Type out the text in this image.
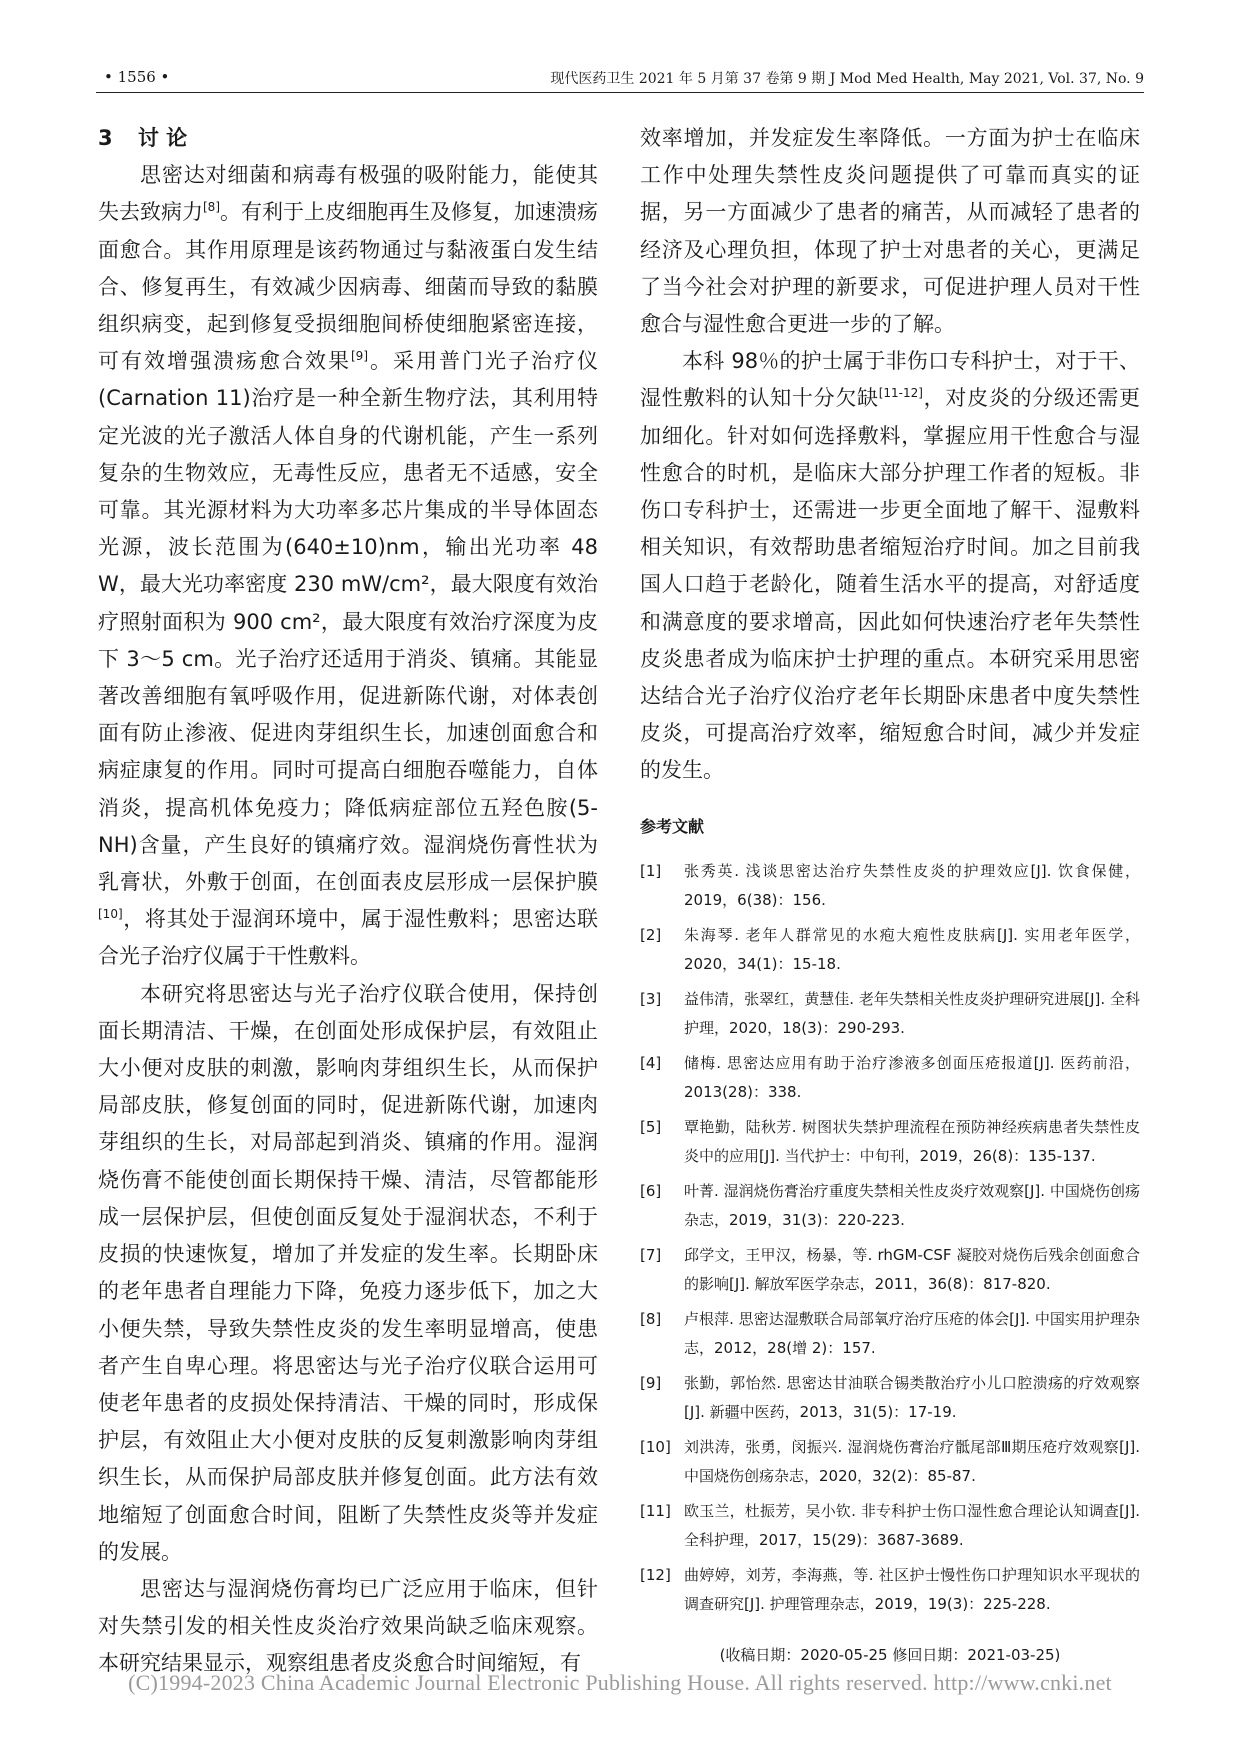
• 1556 •	现代医药卫生 2021 年 5 月第 37 卷第 9 期 J Mod Med Health, May 2021, Vol. 37, No. 9

3 讨 论

思密达对细菌和病毒有极强的吸附能力，能使其失去致病力[8]。有利于上皮细胞再生及修复，加速溃疡面愈合。其作用原理是该药物通过与黏液蛋白发生结合、修复再生，有效减少因病毒、细菌而导致的黏膜组织病变，起到修复受损细胞间桥使细胞紧密连接，可有效增强溃疡愈合效果[9]。采用普门光子治疗仪(Carnation 11)治疗是一种全新生物疗法，其利用特定光波的光子激活人体自身的代谢机能，产生一系列复杂的生物效应，无毒性反应，患者无不适感，安全可靠。其光源材料为大功率多芯片集成的半导体固态光源，波长范围为(640±10)nm，输出光功率 48 W，最大光功率密度 230 mW/cm²，最大限度有效治疗照射面积为 900 cm²，最大限度有效治疗深度为皮下 3～5 cm。光子治疗还适用于消炎、镇痛。其能显著改善细胞有氧呼吸作用，促进新陈代谢，对体表创面有防止渗液、促进肉芽组织生长，加速创面愈合和病症康复的作用。同时可提高白细胞吞噬能力，自体消炎，提高机体免疫力；降低病症部位五羟色胺(5-NH)含量，产生良好的镇痛疗效。湿润烧伤膏性状为乳膏状，外敷于创面，在创面表皮层形成一层保护膜[10]，将其处于湿润环境中，属于湿性敷料；思密达联合光子治疗仪属于干性敷料。

本研究将思密达与光子治疗仪联合使用，保持创面长期清洁、干燥，在创面处形成保护层，有效阻止大小便对皮肤的刺激，影响肉芽组织生长，从而保护局部皮肤，修复创面的同时，促进新陈代谢，加速肉芽组织的生长，对局部起到消炎、镇痛的作用。湿润烧伤膏不能使创面长期保持干燥、清洁，尽管都能形成一层保护层，但使创面反复处于湿润状态，不利于皮损的快速恢复，增加了并发症的发生率。长期卧床的老年患者自理能力下降，免疫力逐步低下，加之大小便失禁，导致失禁性皮炎的发生率明显增高，使患者产生自卑心理。将思密达与光子治疗仪联合运用可使老年患者的皮损处保持清洁、干燥的同时，形成保护层，有效阻止大小便对皮肤的反复刺激影响肉芽组织生长，从而保护局部皮肤并修复创面。此方法有效地缩短了创面愈合时间，阻断了失禁性皮炎等并发症的发展。

思密达与湿润烧伤膏均已广泛应用于临床，但针对失禁引发的相关性皮炎治疗效果尚缺乏临床观察。本研究结果显示，观察组患者皮炎愈合时间缩短，有

效率增加，并发症发生率降低。一方面为护士在临床工作中处理失禁性皮炎问题提供了可靠而真实的证据，另一方面减少了患者的痛苦，从而减轻了患者的经济及心理负担，体现了护士对患者的关心，更满足了当今社会对护理的新要求，可促进护理人员对干性愈合与湿性愈合更进一步的了解。

本科 98％的护士属于非伤口专科护士，对于干、湿性敷料的认知十分欠缺[11-12]，对皮炎的分级还需更加细化。针对如何选择敷料，掌握应用干性愈合与湿性愈合的时机，是临床大部分护理工作者的短板。非伤口专科护士，还需进一步更全面地了解干、湿敷料相关知识，有效帮助患者缩短治疗时间。加之目前我国人口趋于老龄化，随着生活水平的提高，对舒适度和满意度的要求增高，因此如何快速治疗老年失禁性皮炎患者成为临床护士护理的重点。本研究采用思密达结合光子治疗仪治疗老年长期卧床患者中度失禁性皮炎，可提高治疗效率，缩短愈合时间，减少并发症的发生。

参考文献
[1] 张秀英. 浅谈思密达治疗失禁性皮炎的护理效应[J]. 饮食保健，2019，6(38)：156.
[2] 朱海琴. 老年人群常见的水疱大疱性皮肤病[J]. 实用老年医学，2020，34(1)：15-18.
[3] 益伟清，张翠红，黄慧佳. 老年失禁相关性皮炎护理研究进展[J]. 全科护理，2020，18(3)：290-293.
[4] 储梅. 思密达应用有助于治疗渗液多创面压疮报道[J]. 医药前沿，2013(28)：338.
[5] 覃艳勤，陆秋芳. 树图状失禁护理流程在预防神经疾病患者失禁性皮炎中的应用[J]. 当代护士：中旬刊，2019，26(8)：135-137.
[6] 叶菁. 湿润烧伤膏治疗重度失禁相关性皮炎疗效观察[J]. 中国烧伤创疡杂志，2019，31(3)：220-223.
[7] 邱学文，王甲汉，杨暴，等. rhGM-CSF 凝胶对烧伤后残余创面愈合的影响[J]. 解放军医学杂志，2011，36(8)：817-820.
[8] 卢根萍. 思密达湿敷联合局部氧疗治疗压疮的体会[J]. 中国实用护理杂志，2012，28(增 2)：157.
[9] 张勤，郭怡然. 思密达甘油联合锡类散治疗小儿口腔溃疡的疗效观察[J]. 新疆中医药，2013，31(5)：17-19.
[10] 刘洪涛，张勇，闵振兴. 湿润烧伤膏治疗骶尾部Ⅲ期压疮疗效观察[J]. 中国烧伤创疡杂志，2020，32(2)：85-87.
[11] 欧玉兰，杜振芳，吴小钦. 非专科护士伤口湿性愈合理论认知调查[J]. 全科护理，2017，15(29)：3687-3689.
[12] 曲婷婷，刘芳，李海燕，等. 社区护士慢性伤口护理知识水平现状的调查研究[J]. 护理管理杂志，2019，19(3)：225-228.
(收稿日期：2020-05-25 修回日期：2021-03-25)
(C)1994-2023 China Academic Journal Electronic Publishing House. All rights reserved. http://www.cnki.net
